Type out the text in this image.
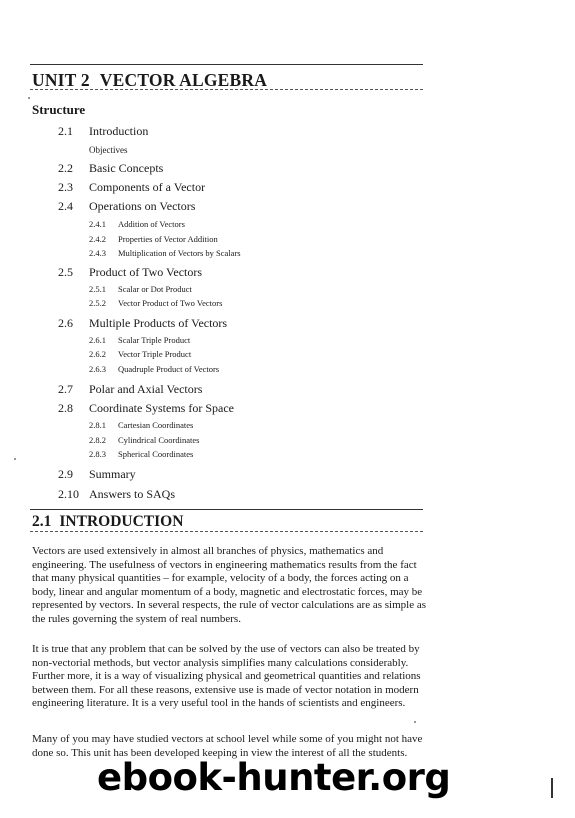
UNIT 2 VECTOR ALGEBRA
Structure
2.1 Introduction
Objectives
2.2 Basic Concepts
2.3 Components of a Vector
2.4 Operations on Vectors
2.4.1 Addition of Vectors
2.4.2 Properties of Vector Addition
2.4.3 Multiplication of Vectors by Scalars
2.5 Product of Two Vectors
2.5.1 Scalar or Dot Product
2.5.2 Vector Product of Two Vectors
2.6 Multiple Products of Vectors
2.6.1 Scalar Triple Product
2.6.2 Vector Triple Product
2.6.3 Quadruple Product of Vectors
2.7 Polar and Axial Vectors
2.8 Coordinate Systems for Space
2.8.1 Cartesian Coordinates
2.8.2 Cylindrical Coordinates
2.8.3 Spherical Coordinates
2.9 Summary
2.10 Answers to SAQs
2.1 INTRODUCTION

Vectors are used extensively in almost all branches of physics, mathematics and engineering. The usefulness of vectors in engineering mathematics results from the fact that many physical quantities – for example, velocity of a body, the forces acting on a body, linear and angular momentum of a body, magnetic and electrostatic forces, may be represented by vectors. In several respects, the rule of vector calculations are as simple as the rules governing the system of real numbers.

It is true that any problem that can be solved by the use of vectors can also be treated by non-vectorial methods, but vector analysis simplifies many calculations considerably. Further more, it is a way of visualizing physical and geometrical quantities and relations between them. For all these reasons, extensive use is made of vector notation in modern engineering literature. It is a very useful tool in the hands of scientists and engineers.

Many of you may have studied vectors at school level while some of you might not have done so. This unit has been developed keeping in view the interest of all the students.

ebook-hunter.org
